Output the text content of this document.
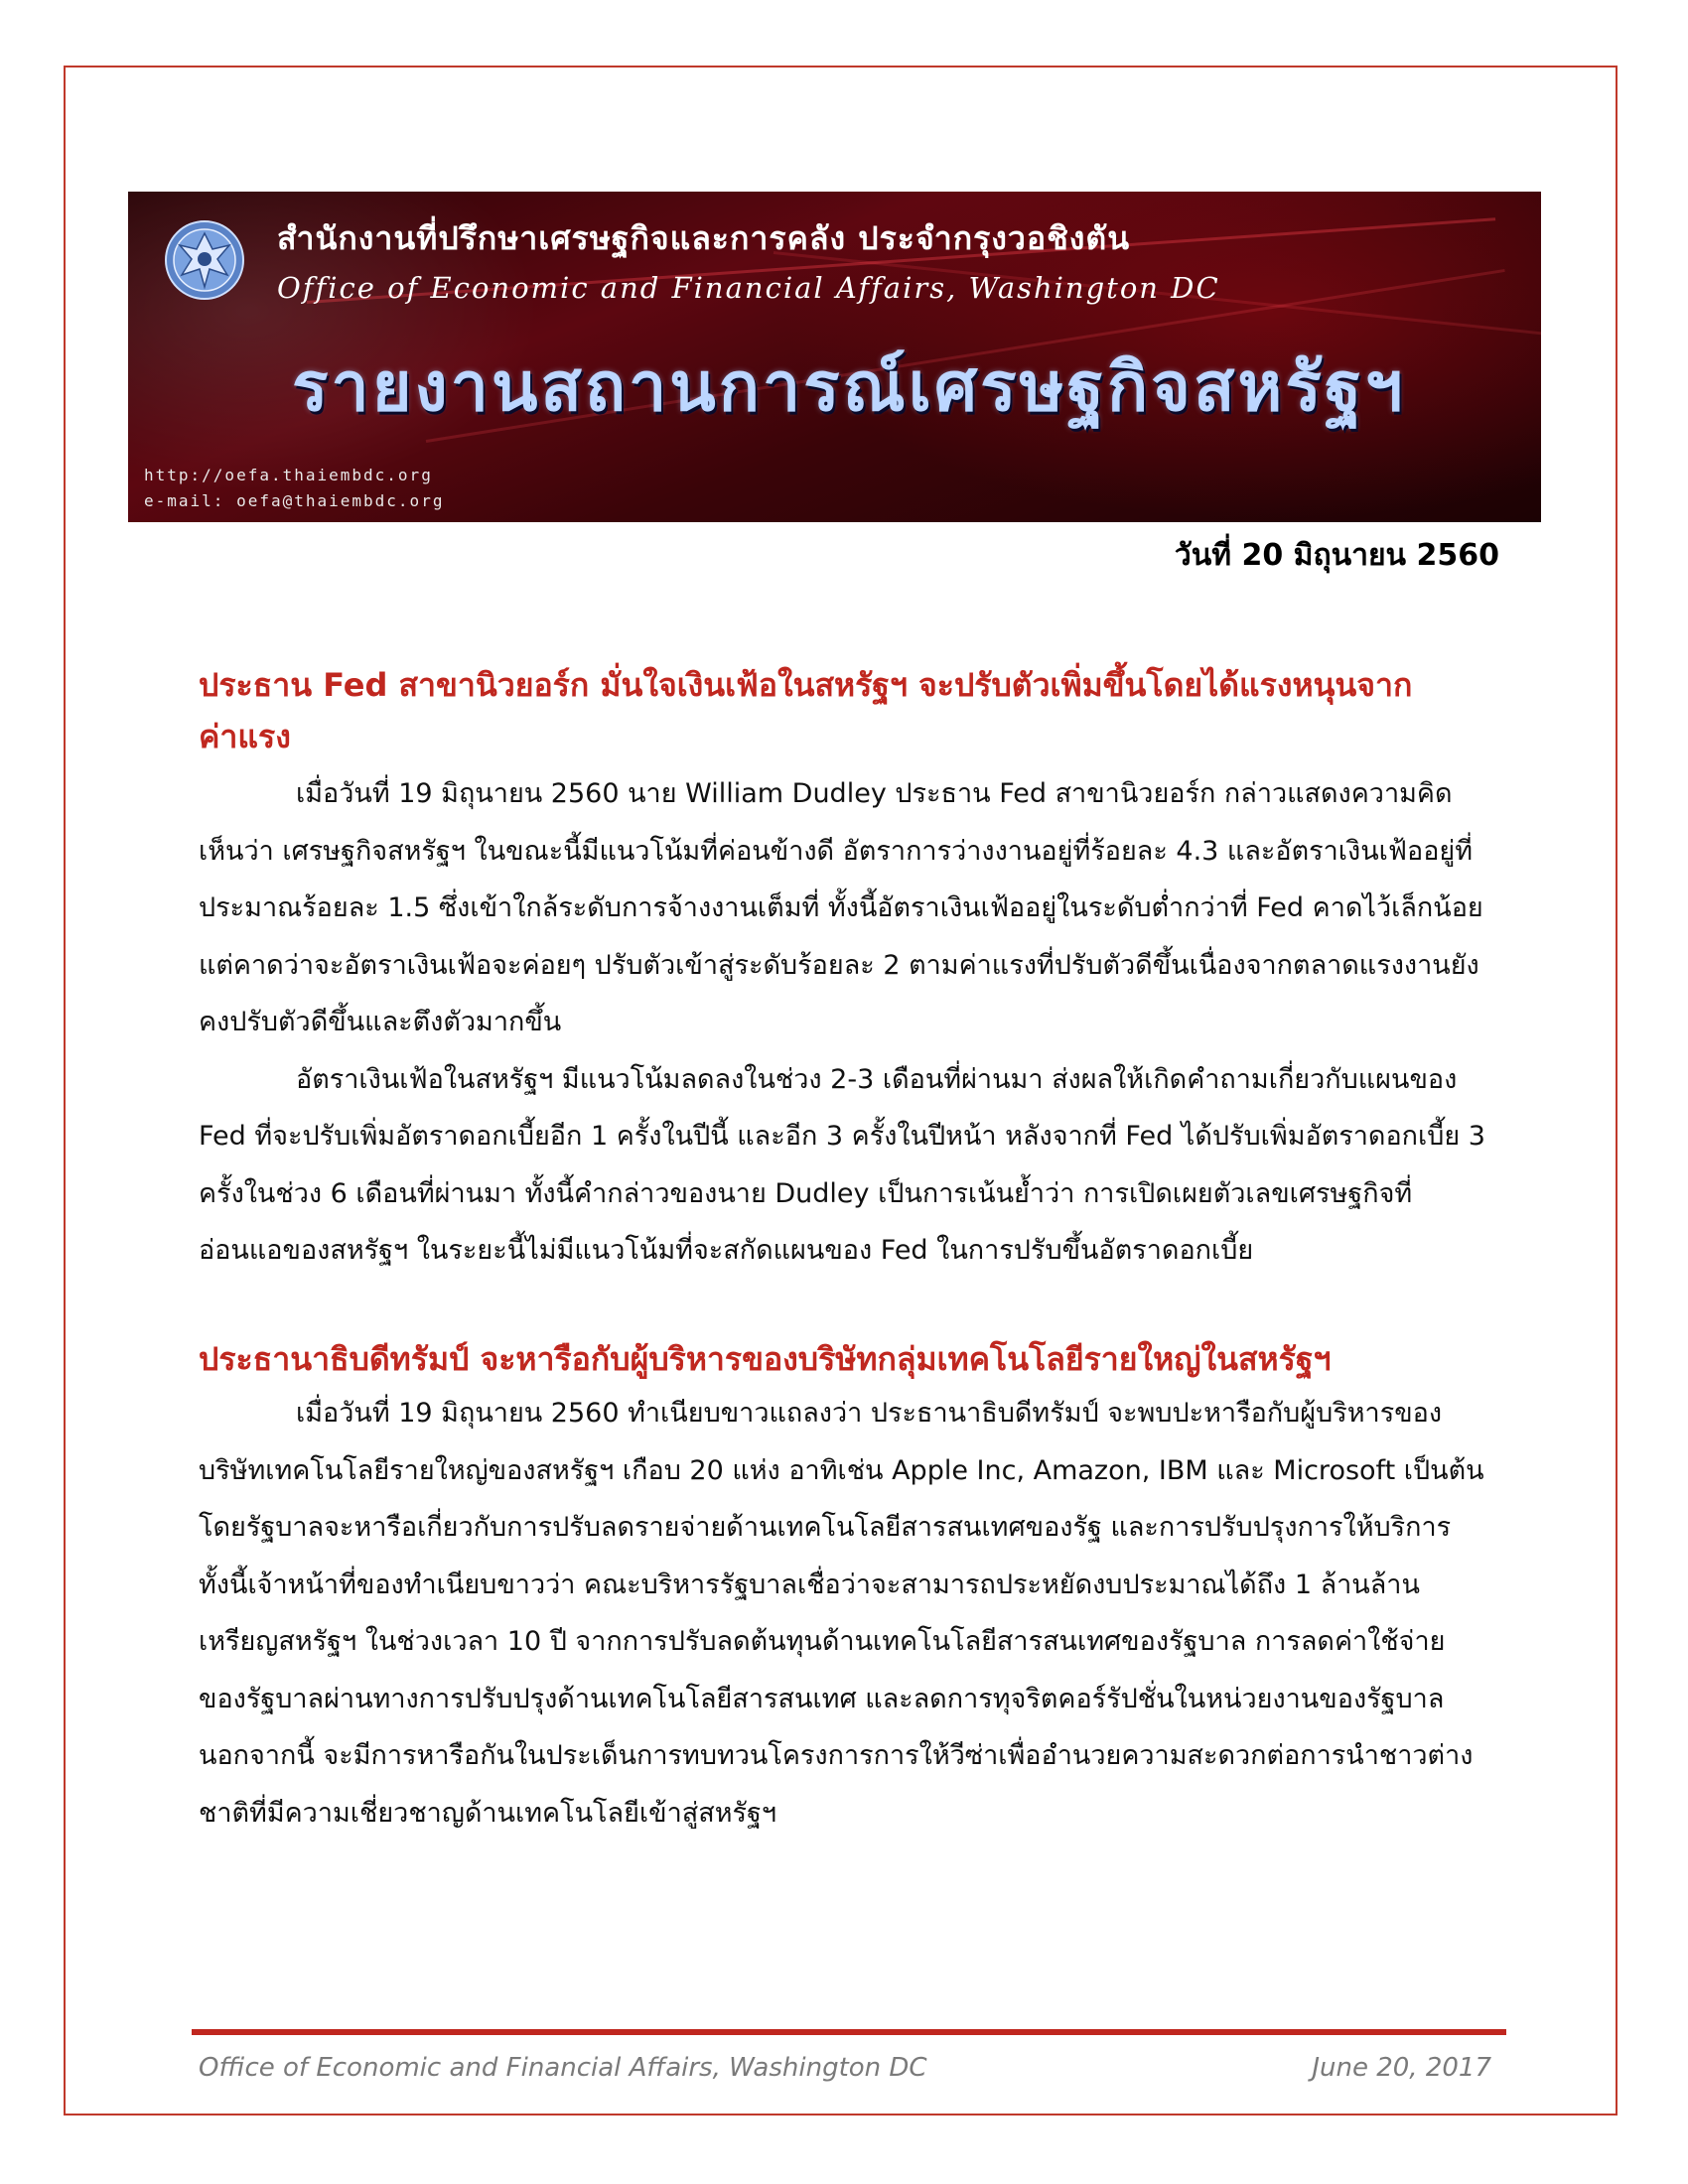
สำนักงานที่ปรึกษาเศรษฐกิจและการคลัง ประจำกรุงวอชิงตัน
Office of Economic and Financial Affairs, Washington DC
รายงานสถานการณ์เศรษฐกิจสหรัฐฯ
http://oefa.thaiembdc.org
e-mail: oefa@thaiembdc.org
วันที่ 20 มิถุนายน 2560
ประธาน Fed สาขานิวยอร์ก มั่นใจเงินเฟ้อในสหรัฐฯ จะปรับตัวเพิ่มขึ้นโดยได้แรงหนุนจากค่าแรง

เมื่อวันที่ 19 มิถุนายน 2560 นาย William Dudley ประธาน Fed สาขานิวยอร์ก กล่าวแสดงความคิดเห็นว่า เศรษฐกิจสหรัฐฯ ในขณะนี้มีแนวโน้มที่ค่อนข้างดี อัตราการว่างงานอยู่ที่ร้อยละ 4.3 และอัตราเงินเฟ้ออยู่ที่ประมาณร้อยละ 1.5 ซึ่งเข้าใกล้ระดับการจ้างงานเต็มที่ ทั้งนี้อัตราเงินเฟ้ออยู่ในระดับต่ำกว่าที่ Fed คาดไว้เล็กน้อย แต่คาดว่าจะอัตราเงินเฟ้อจะค่อยๆ ปรับตัวเข้าสู่ระดับร้อยละ 2 ตามค่าแรงที่ปรับตัวดีขึ้นเนื่องจากตลาดแรงงานยังคงปรับตัวดีขึ้นและตึงตัวมากขึ้น

อัตราเงินเฟ้อในสหรัฐฯ มีแนวโน้มลดลงในช่วง 2-3 เดือนที่ผ่านมา ส่งผลให้เกิดคำถามเกี่ยวกับแผนของ Fed ที่จะปรับเพิ่มอัตราดอกเบี้ยอีก 1 ครั้งในปีนี้ และอีก 3 ครั้งในปีหน้า หลังจากที่ Fed ได้ปรับเพิ่มอัตราดอกเบี้ย 3 ครั้งในช่วง 6 เดือนที่ผ่านมา ทั้งนี้คำกล่าวของนาย Dudley เป็นการเน้นย้ำว่า การเปิดเผยตัวเลขเศรษฐกิจที่อ่อนแอของสหรัฐฯ ในระยะนี้ไม่มีแนวโน้มที่จะสกัดแผนของ Fed ในการปรับขึ้นอัตราดอกเบี้ย

ประธานาธิบดีทรัมป์ จะหารือกับผู้บริหารของบริษัทกลุ่มเทคโนโลยีรายใหญ่ในสหรัฐฯ

เมื่อวันที่ 19 มิถุนายน 2560 ทำเนียบขาวแถลงว่า ประธานาธิบดีทรัมป์ จะพบปะหารือกับผู้บริหารของบริษัทเทคโนโลยีรายใหญ่ของสหรัฐฯ เกือบ 20 แห่ง อาทิเช่น Apple Inc, Amazon, IBM และ Microsoft เป็นต้น โดยรัฐบาลจะหารือเกี่ยวกับการปรับลดรายจ่ายด้านเทคโนโลยีสารสนเทศของรัฐ และการปรับปรุงการให้บริการ ทั้งนี้เจ้าหน้าที่ของทำเนียบขาวว่า คณะบริหารรัฐบาลเชื่อว่าจะสามารถประหยัดงบประมาณได้ถึง 1 ล้านล้านเหรียญสหรัฐฯ ในช่วงเวลา 10 ปี จากการปรับลดต้นทุนด้านเทคโนโลยีสารสนเทศของรัฐบาล การลดค่าใช้จ่ายของรัฐบาลผ่านทางการปรับปรุงด้านเทคโนโลยีสารสนเทศ และลดการทุจริตคอร์รัปชั่นในหน่วยงานของรัฐบาล นอกจากนี้ จะมีการหารือกันในประเด็นการทบทวนโครงการการให้วีซ่าเพื่ออำนวยความสะดวกต่อการนำชาวต่างชาติที่มีความเชี่ยวชาญด้านเทคโนโลยีเข้าสู่สหรัฐฯ

Office of Economic and Financial Affairs, Washington DC	June 20, 2017
